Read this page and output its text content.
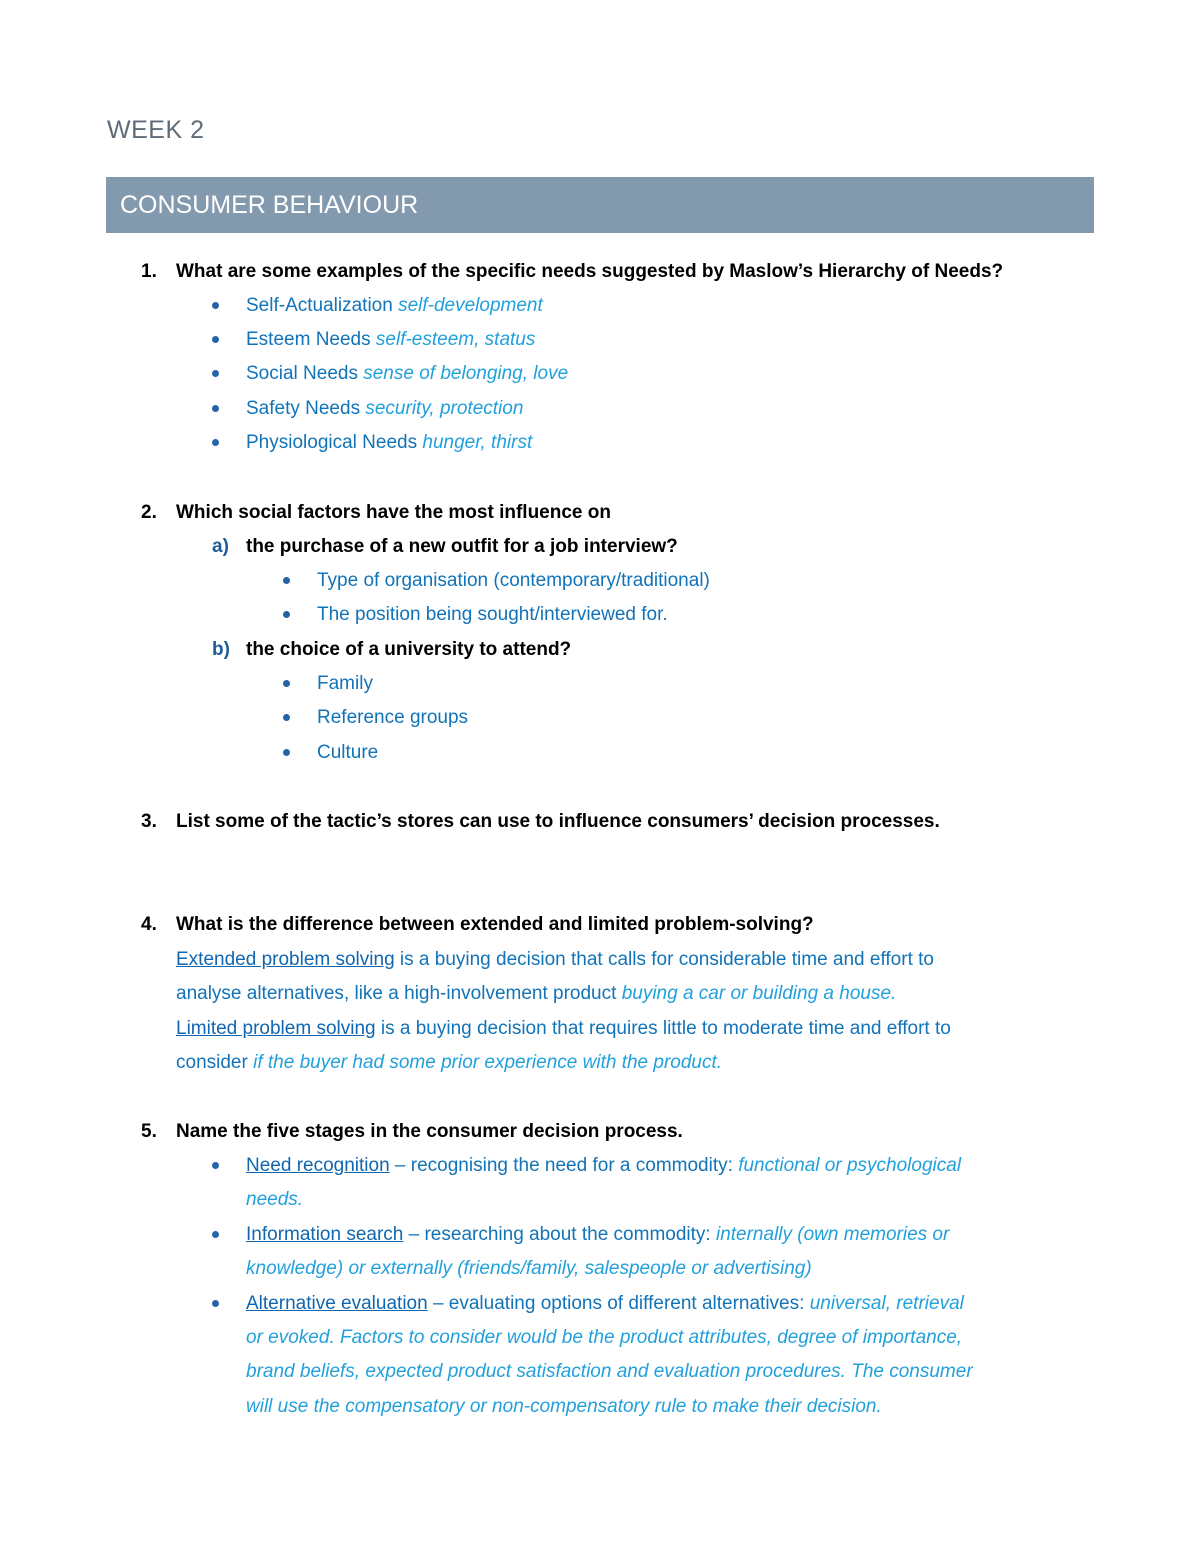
WEEK 2
CONSUMER BEHAVIOUR
1. What are some examples of the specific needs suggested by Maslow’s Hierarchy of Needs?
Self-Actualization self-development
Esteem Needs self-esteem, status
Social Needs sense of belonging, love
Safety Needs security, protection
Physiological Needs hunger, thirst
2. Which social factors have the most influence on
a) the purchase of a new outfit for a job interview?
Type of organisation (contemporary/traditional)
The position being sought/interviewed for.
b) the choice of a university to attend?
Family
Reference groups
Culture
3. List some of the tactic’s stores can use to influence consumers’ decision processes.
4. What is the difference between extended and limited problem-solving?
Extended problem solving is a buying decision that calls for considerable time and effort to
analyse alternatives, like a high-involvement product buying a car or building a house.
Limited problem solving is a buying decision that requires little to moderate time and effort to
consider if the buyer had some prior experience with the product.
5. Name the five stages in the consumer decision process.
Need recognition – recognising the need for a commodity: functional or psychological
needs.
Information search – researching about the commodity: internally (own memories or
knowledge) or externally (friends/family, salespeople or advertising)
Alternative evaluation – evaluating options of different alternatives: universal, retrieval
or evoked. Factors to consider would be the product attributes, degree of importance,
brand beliefs, expected product satisfaction and evaluation procedures. The consumer
will use the compensatory or non-compensatory rule to make their decision.
